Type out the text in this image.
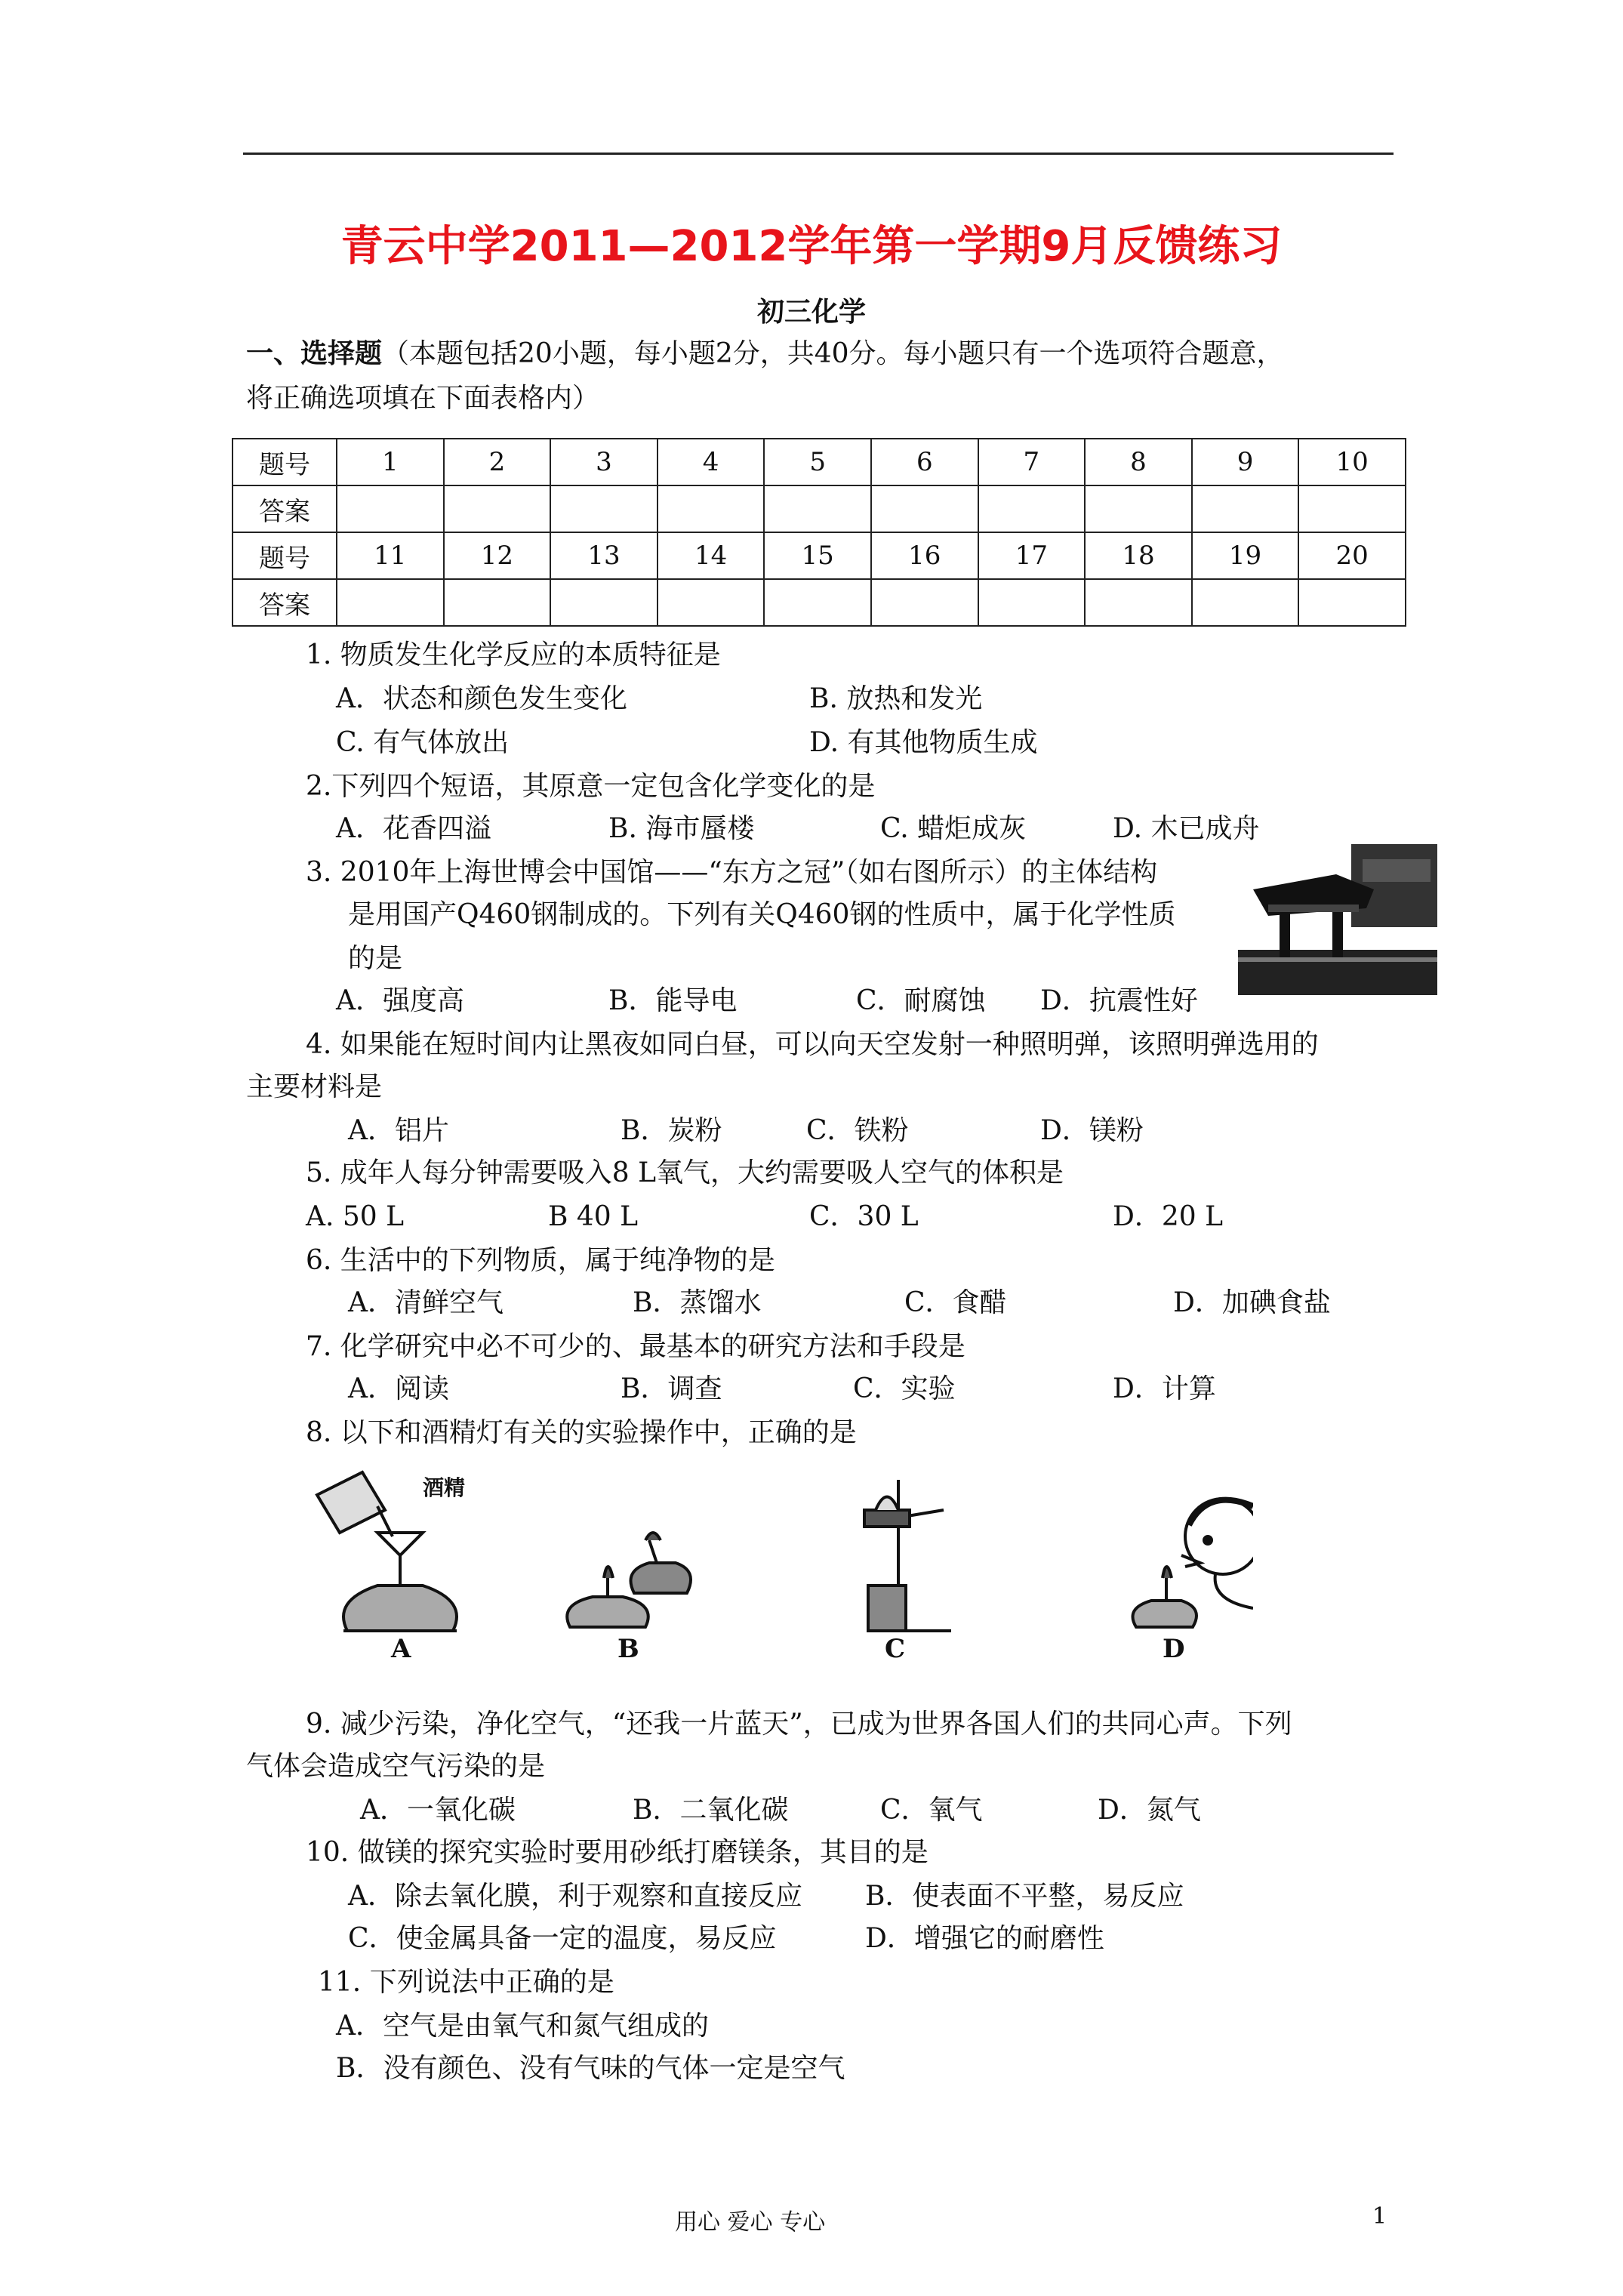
青云中学2011—2012学年第一学期9月反馈练习
初三化学
一、选择题（本题包括20小题，每小题2分，共40分。每小题只有一个选项符合题意，
将正确选项填在下面表格内）
题号	1	2	3	4	5	6	7	8	9	10
答案										
题号	11	12	13	14	15	16	17	18	19	20
答案										
1. 物质发生化学反应的本质特征是
A．状态和颜色发生变化	B. 放热和发光
C. 有气体放出	D. 有其他物质生成
2.下列四个短语，其原意一定包含化学变化的是
A．花香四溢	B. 海市蜃楼	C. 蜡炬成灰	D. 木已成舟
3. 2010年上海世博会中国馆——“东方之冠”（如右图所示）的主体结构
是用国产Q460钢制成的。下列有关Q460钢的性质中，属于化学性质
的是
A．强度高	B．能导电	C．耐腐蚀 D．抗震性好
4. 如果能在短时间内让黑夜如同白昼，可以向天空发射一种照明弹，该照明弹选用的
主要材料是
A．铝片	B．炭粉	C．铁粉	D．镁粉
5. 成年人每分钟需要吸入8 L氧气，大约需要吸人空气的体积是
A. 50 L	B 40 L	C．30 L	D．20 L
6. 生活中的下列物质，属于纯净物的是
A．清鲜空气	B．蒸馏水	C．食醋	D．加碘食盐
7. 化学研究中必不可少的、最基本的研究方法和手段是
A．阅读	B．调查	C．实验	D．计算
8. 以下和酒精灯有关的实验操作中，正确的是
酒精
A	B	C	D
9. 减少污染，净化空气，“还我一片蓝天”，已成为世界各国人们的共同心声。下列
气体会造成空气污染的是
A．一氧化碳	B．二氧化碳	C．氧气	D．氮气
10. 做镁的探究实验时要用砂纸打磨镁条，其目的是
A．除去氧化膜，利于观察和直接反应 B．使表面不平整，易反应
C．使金属具备一定的温度，易反应	D．增强它的耐磨性
11. 下列说法中正确的是
A．空气是由氧气和氮气组成的
B．没有颜色、没有气味的气体一定是空气
用心 爱心 专心	1
